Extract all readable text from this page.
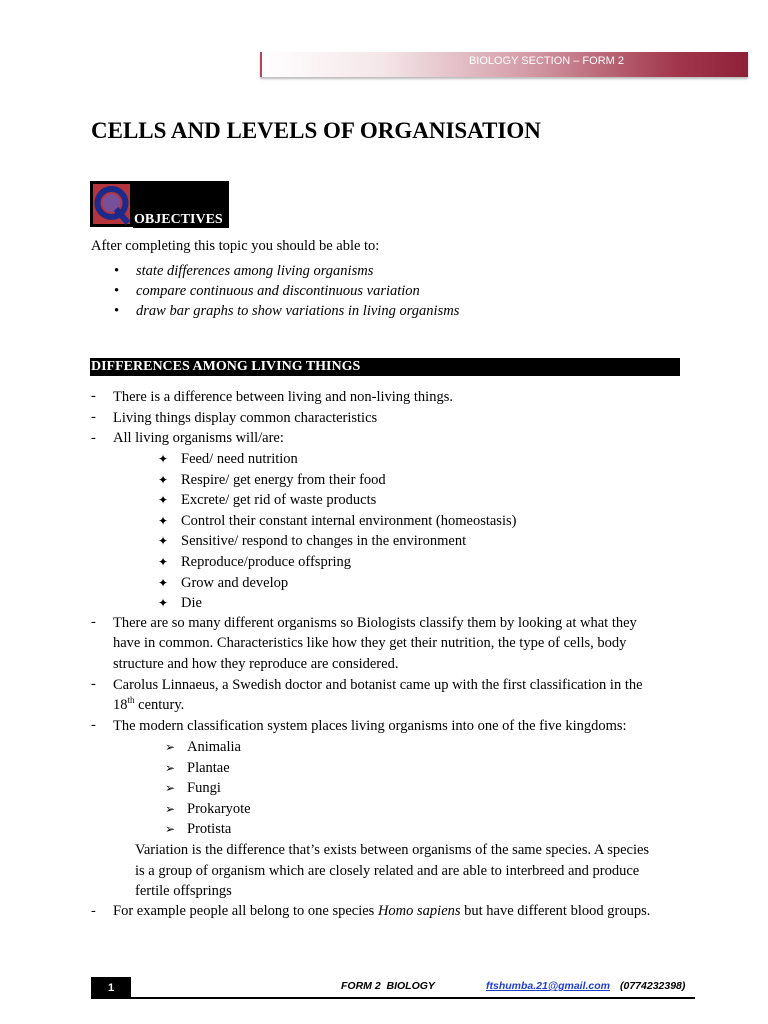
BIOLOGY SECTION – FORM 2
CELLS AND LEVELS OF ORGANISATION
OBJECTIVES

After completing this topic you should be able to:

• state differences among living organisms
• compare continuous and discontinuous variation
• draw bar graphs to show variations in living organisms
DIFFERENCES AMONG LIVING THINGS
- There is a difference between living and non-living things.

- Living things display common characteristics

- All living organisms will/are:

✦ Feed/ need nutrition
✦ Respire/ get energy from their food
✦ Excrete/ get rid of waste products
✦ Control their constant internal environment (homeostasis)
✦ Sensitive/ respond to changes in the environment
✦ Reproduce/produce offspring
✦ Grow and develop
✦ Die
- There are so many different organisms so Biologists classify them by looking at what they

have in common. Characteristics like how they get their nutrition, the type of cells, body

structure and how they reproduce are considered.

- Carolus Linnaeus, a Swedish doctor and botanist came up with the first classification in the

18th century.

- The modern classification system places living organisms into one of the five kingdoms:

➢ Animalia
➢ Plantae
➢ Fungi
➢ Prokaryote
➢ Protista
Variation is the difference that’s exists between organisms of the same species. A species
is a group of organism which are closely related and are able to interbreed and produce
fertile offsprings
- For example people all belong to one species Homo sapiens but have different blood groups.

1	FORM 2  BIOLOGY	ftshumba.21@gmail.com (0774232398)
